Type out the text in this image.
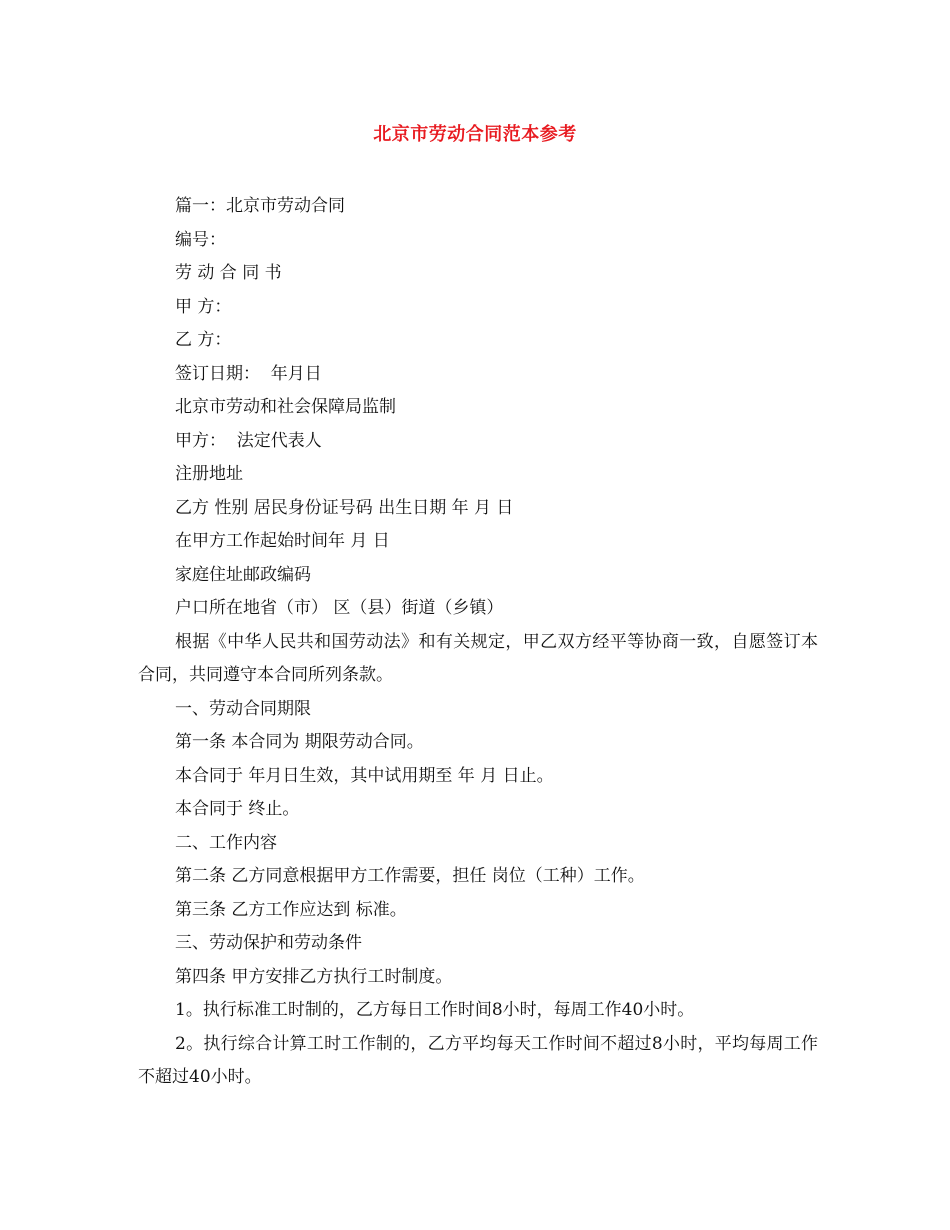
北京市劳动合同范本参考

篇一：北京市劳动合同

编号：

劳 动 合 同 书

甲 方：

乙 方：

签订日期：  年月日

北京市劳动和社会保障局监制

甲方：  法定代表人

注册地址

乙方 性别 居民身份证号码 出生日期 年 月 日

在甲方工作起始时间年 月 日

家庭住址邮政编码

户口所在地省（市） 区（县）街道（乡镇）

根据《中华人民共和国劳动法》和有关规定，甲乙双方经平等协商一致，自愿签订本合同，共同遵守本合同所列条款。

一、劳动合同期限

第一条 本合同为 期限劳动合同。

本合同于 年月日生效，其中试用期至 年 月 日止。

本合同于 终止。

二、工作内容

第二条 乙方同意根据甲方工作需要，担任 岗位（工种）工作。

第三条 乙方工作应达到 标准。

三、劳动保护和劳动条件

第四条 甲方安排乙方执行工时制度。

1。执行标准工时制的，乙方每日工作时间8小时，每周工作40小时。

2。执行综合计算工时工作制的，乙方平均每天工作时间不超过8小时，平均每周工作不超过40小时。
